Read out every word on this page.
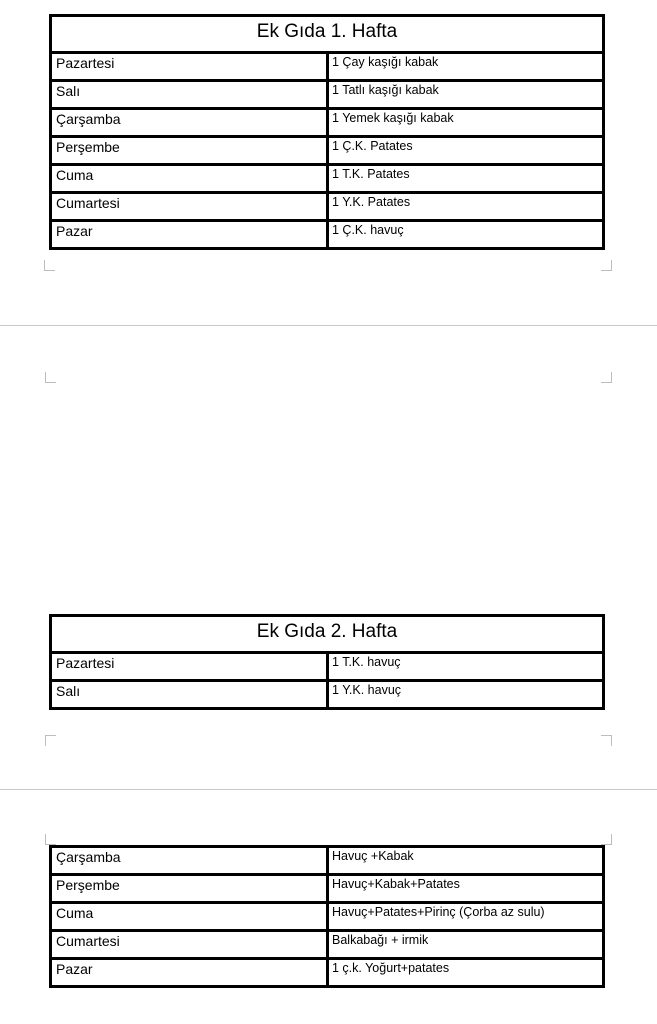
Ek Gıda 1. Hafta	
Pazartesi	1 Çay kaşığı kabak
Salı	1 Tatlı kaşığı kabak
Çarşamba	1 Yemek kaşığı kabak
Perşembe	1 Ç.K. Patates
Cuma	1 T.K. Patates
Cumartesi	1 Y.K. Patates
Pazar	1 Ç.K. havuç
Ek Gıda 2. Hafta	
Pazartesi	1 T.K. havuç
Salı	1 Y.K. havuç
Çarşamba	Havuç +Kabak
Perşembe	Havuç+Kabak+Patates
Cuma	Havuç+Patates+Pirinç (Çorba az sulu)
Cumartesi	Balkabağı + irmik
Pazar	1 ç.k. Yoğurt+patates
